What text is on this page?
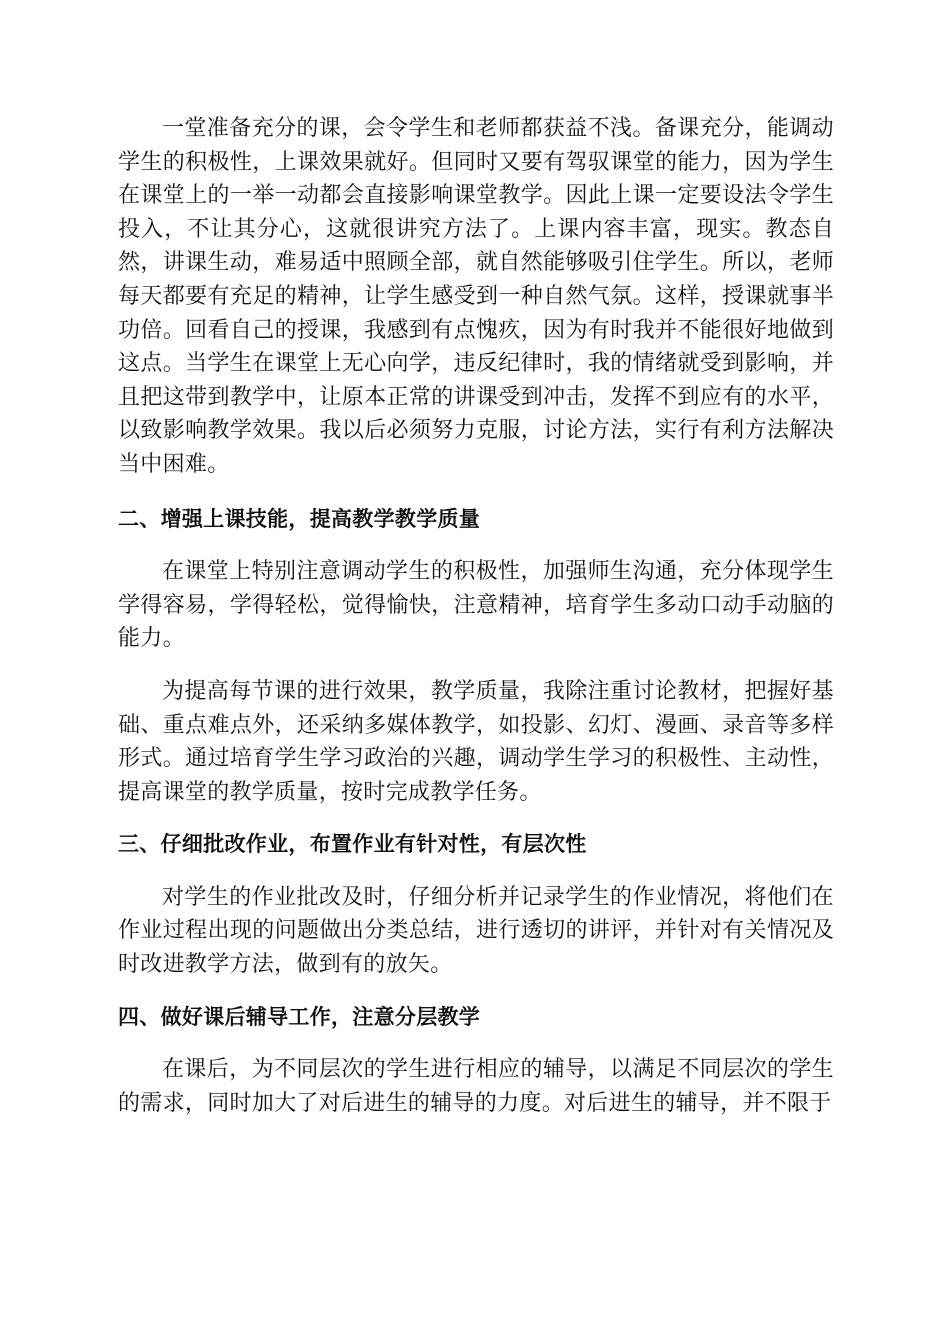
一堂准备充分的课，会令学生和老师都获益不浅。备课充分，能调动学生的积极性，上课效果就好。但同时又要有驾驭课堂的能力，因为学生在课堂上的一举一动都会直接影响课堂教学。因此上课一定要设法令学生投入，不让其分心，这就很讲究方法了。上课内容丰富，现实。教态自然，讲课生动，难易适中照顾全部，就自然能够吸引住学生。所以，老师每天都要有充足的精神，让学生感受到一种自然气氛。这样，授课就事半功倍。回看自己的授课，我感到有点愧疚，因为有时我并不能很好地做到这点。当学生在课堂上无心向学，违反纪律时，我的情绪就受到影响，并且把这带到教学中，让原本正常的讲课受到冲击，发挥不到应有的水平，以致影响教学效果。我以后必须努力克服，讨论方法，实行有利方法解决当中困难。

二、增强上课技能，提高教学教学质量

在课堂上特别注意调动学生的积极性，加强师生沟通，充分体现学生学得容易，学得轻松，觉得愉快，注意精神，培育学生多动口动手动脑的能力。

为提高每节课的进行效果，教学质量，我除注重讨论教材，把握好基础、重点难点外，还采纳多媒体教学，如投影、幻灯、漫画、录音等多样形式。通过培育学生学习政治的兴趣，调动学生学习的积极性、主动性，提高课堂的教学质量，按时完成教学任务。

三、仔细批改作业，布置作业有针对性，有层次性

对学生的作业批改及时，仔细分析并记录学生的作业情况，将他们在作业过程出现的问题做出分类总结，进行透切的讲评，并针对有关情况及时改进教学方法，做到有的放矢。

四、做好课后辅导工作，注意分层教学

在课后，为不同层次的学生进行相应的辅导，以满足不同层次的学生的需求，同时加大了对后进生的辅导的力度。对后进生的辅导，并不限于
